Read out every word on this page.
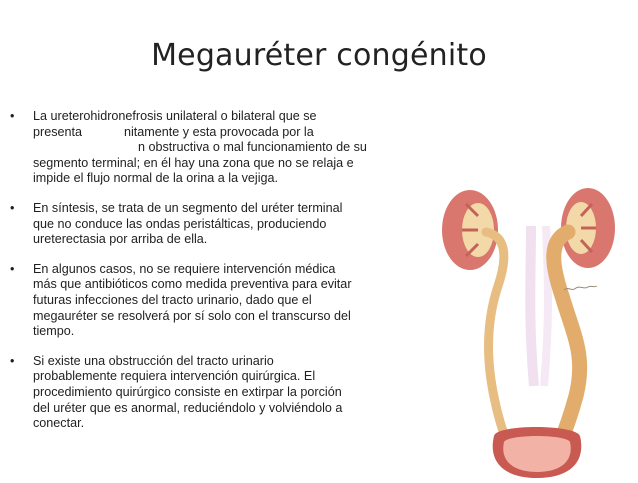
Megauréter congénito
•	La ureterohidronefrosis unilateral o bilateral que se
presenta            nitamente y esta provocada por la
n obstructiva o mal funcionamiento de su
segmento terminal; en él hay una zona que no se relaja e
impide el flujo normal de la orina a la vejiga.
•	En síntesis, se trata de un segmento del uréter terminal
que no conduce las ondas peristálticas, produciendo
ureterectasia por arriba de ella.
•	En algunos casos, no se requiere intervención médica
más que antibióticos como medida preventiva para evitar
futuras infecciones del tracto urinario, dado que el
megauréter se resolverá por sí solo con el transcurso del
tiempo.
•	Si existe una obstrucción del tracto urinario
probablemente requiera intervención quirúrgica. El
procedimiento quirúrgico consiste en extirpar la porción
del uréter que es anormal, reduciéndolo y volviéndolo a
conectar.
